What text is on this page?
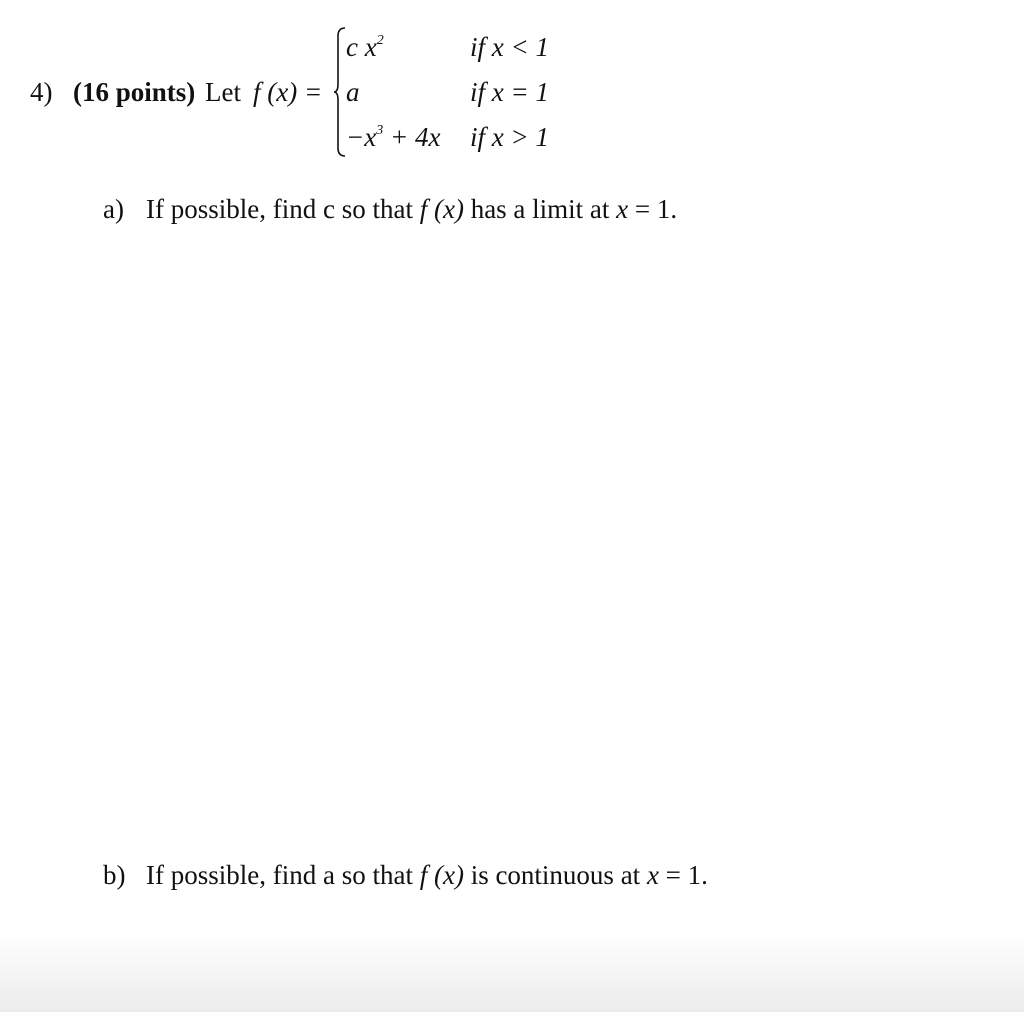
4) (16 points) Let f (x) =
c $x^2$	if x < 1
a	if x = 1
$-x^3 + 4x$ if x > 1
a) If possible, find c so that f (x) has a limit at x = 1.
b) If possible, find a so that f (x) is continuous at x = 1.
